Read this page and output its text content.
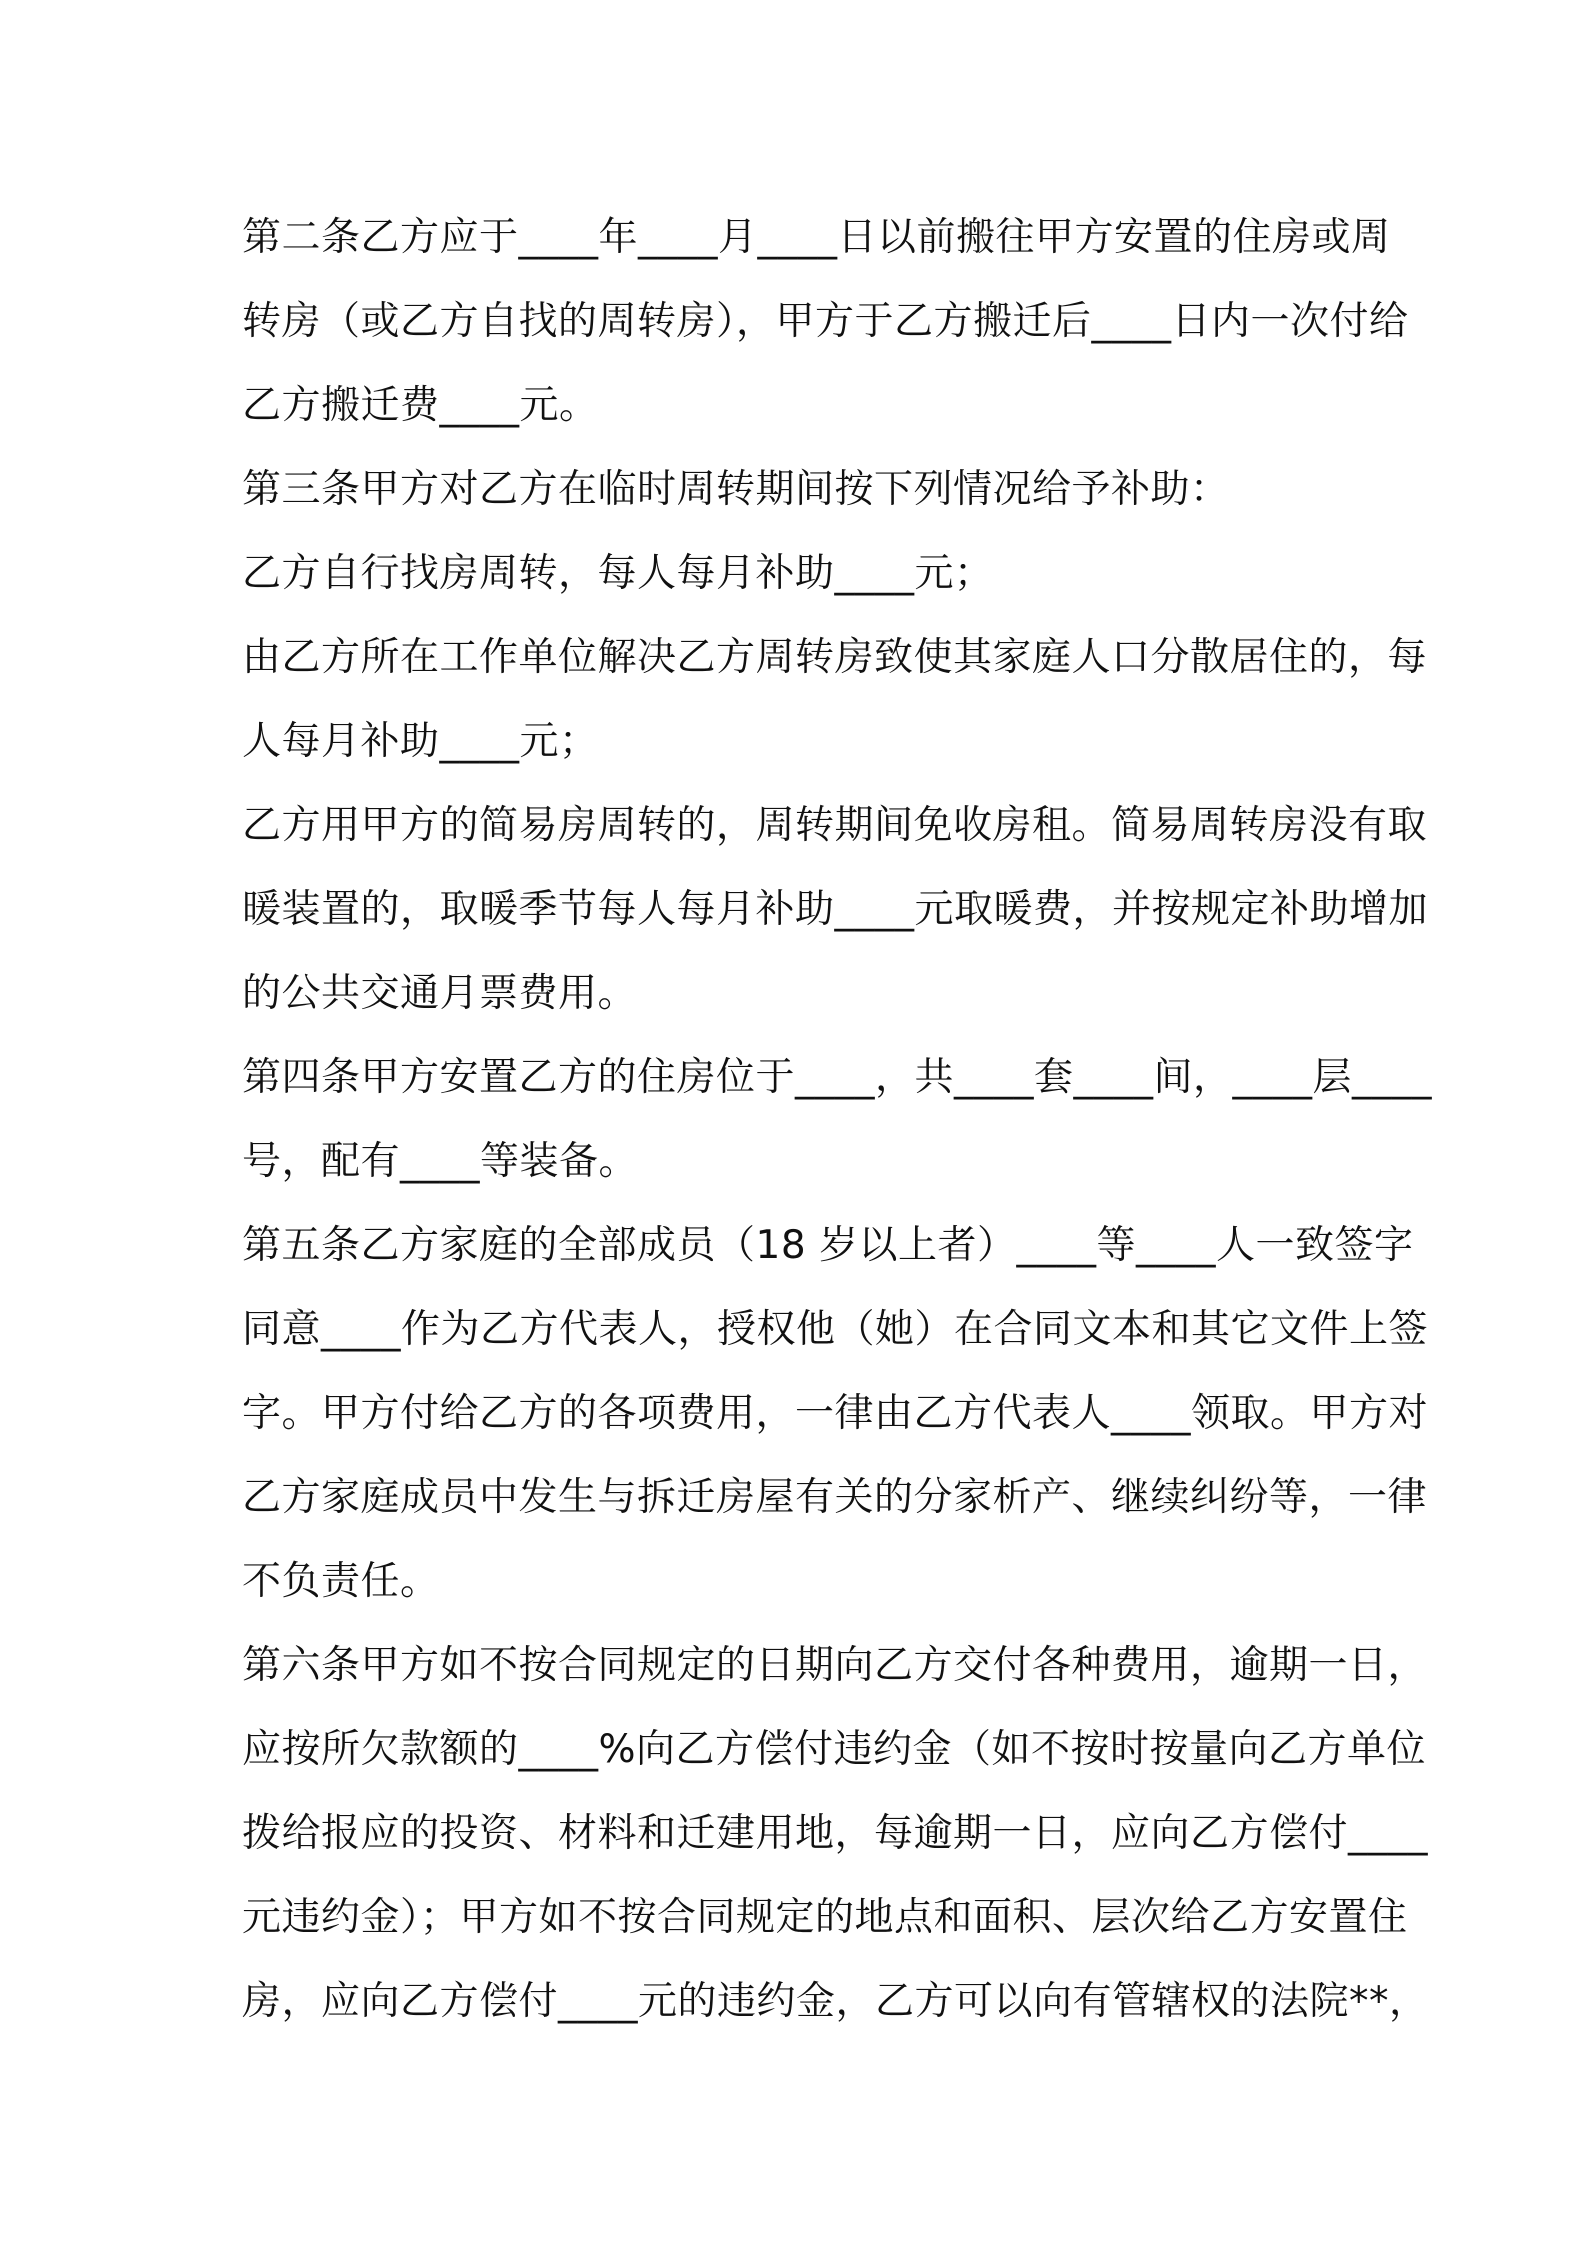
第二条乙方应于____年____月____日以前搬往甲方安置的住房或周
转房（或乙方自找的周转房），甲方于乙方搬迁后____日内一次付给
乙方搬迁费____元。
第三条甲方对乙方在临时周转期间按下列情况给予补助：
乙方自行找房周转，每人每月补助____元；
由乙方所在工作单位解决乙方周转房致使其家庭人口分散居住的，每
人每月补助____元；
乙方用甲方的简易房周转的，周转期间免收房租。简易周转房没有取
暖装置的，取暖季节每人每月补助____元取暖费，并按规定补助增加
的公共交通月票费用。
第四条甲方安置乙方的住房位于____，共____套____间，____层____
号，配有____等装备。
第五条乙方家庭的全部成员（18 岁以上者）____等____人一致签字
同意____作为乙方代表人，授权他（她）在合同文本和其它文件上签
字。甲方付给乙方的各项费用，一律由乙方代表人____领取。甲方对
乙方家庭成员中发生与拆迁房屋有关的分家析产、继续纠纷等，一律
不负责任。
第六条甲方如不按合同规定的日期向乙方交付各种费用，逾期一日，
应按所欠款额的____%向乙方偿付违约金（如不按时按量向乙方单位
拨给报应的投资、材料和迁建用地，每逾期一日，应向乙方偿付____
元违约金）；甲方如不按合同规定的地点和面积、层次给乙方安置住
房，应向乙方偿付____元的违约金，乙方可以向有管辖权的法院**，
